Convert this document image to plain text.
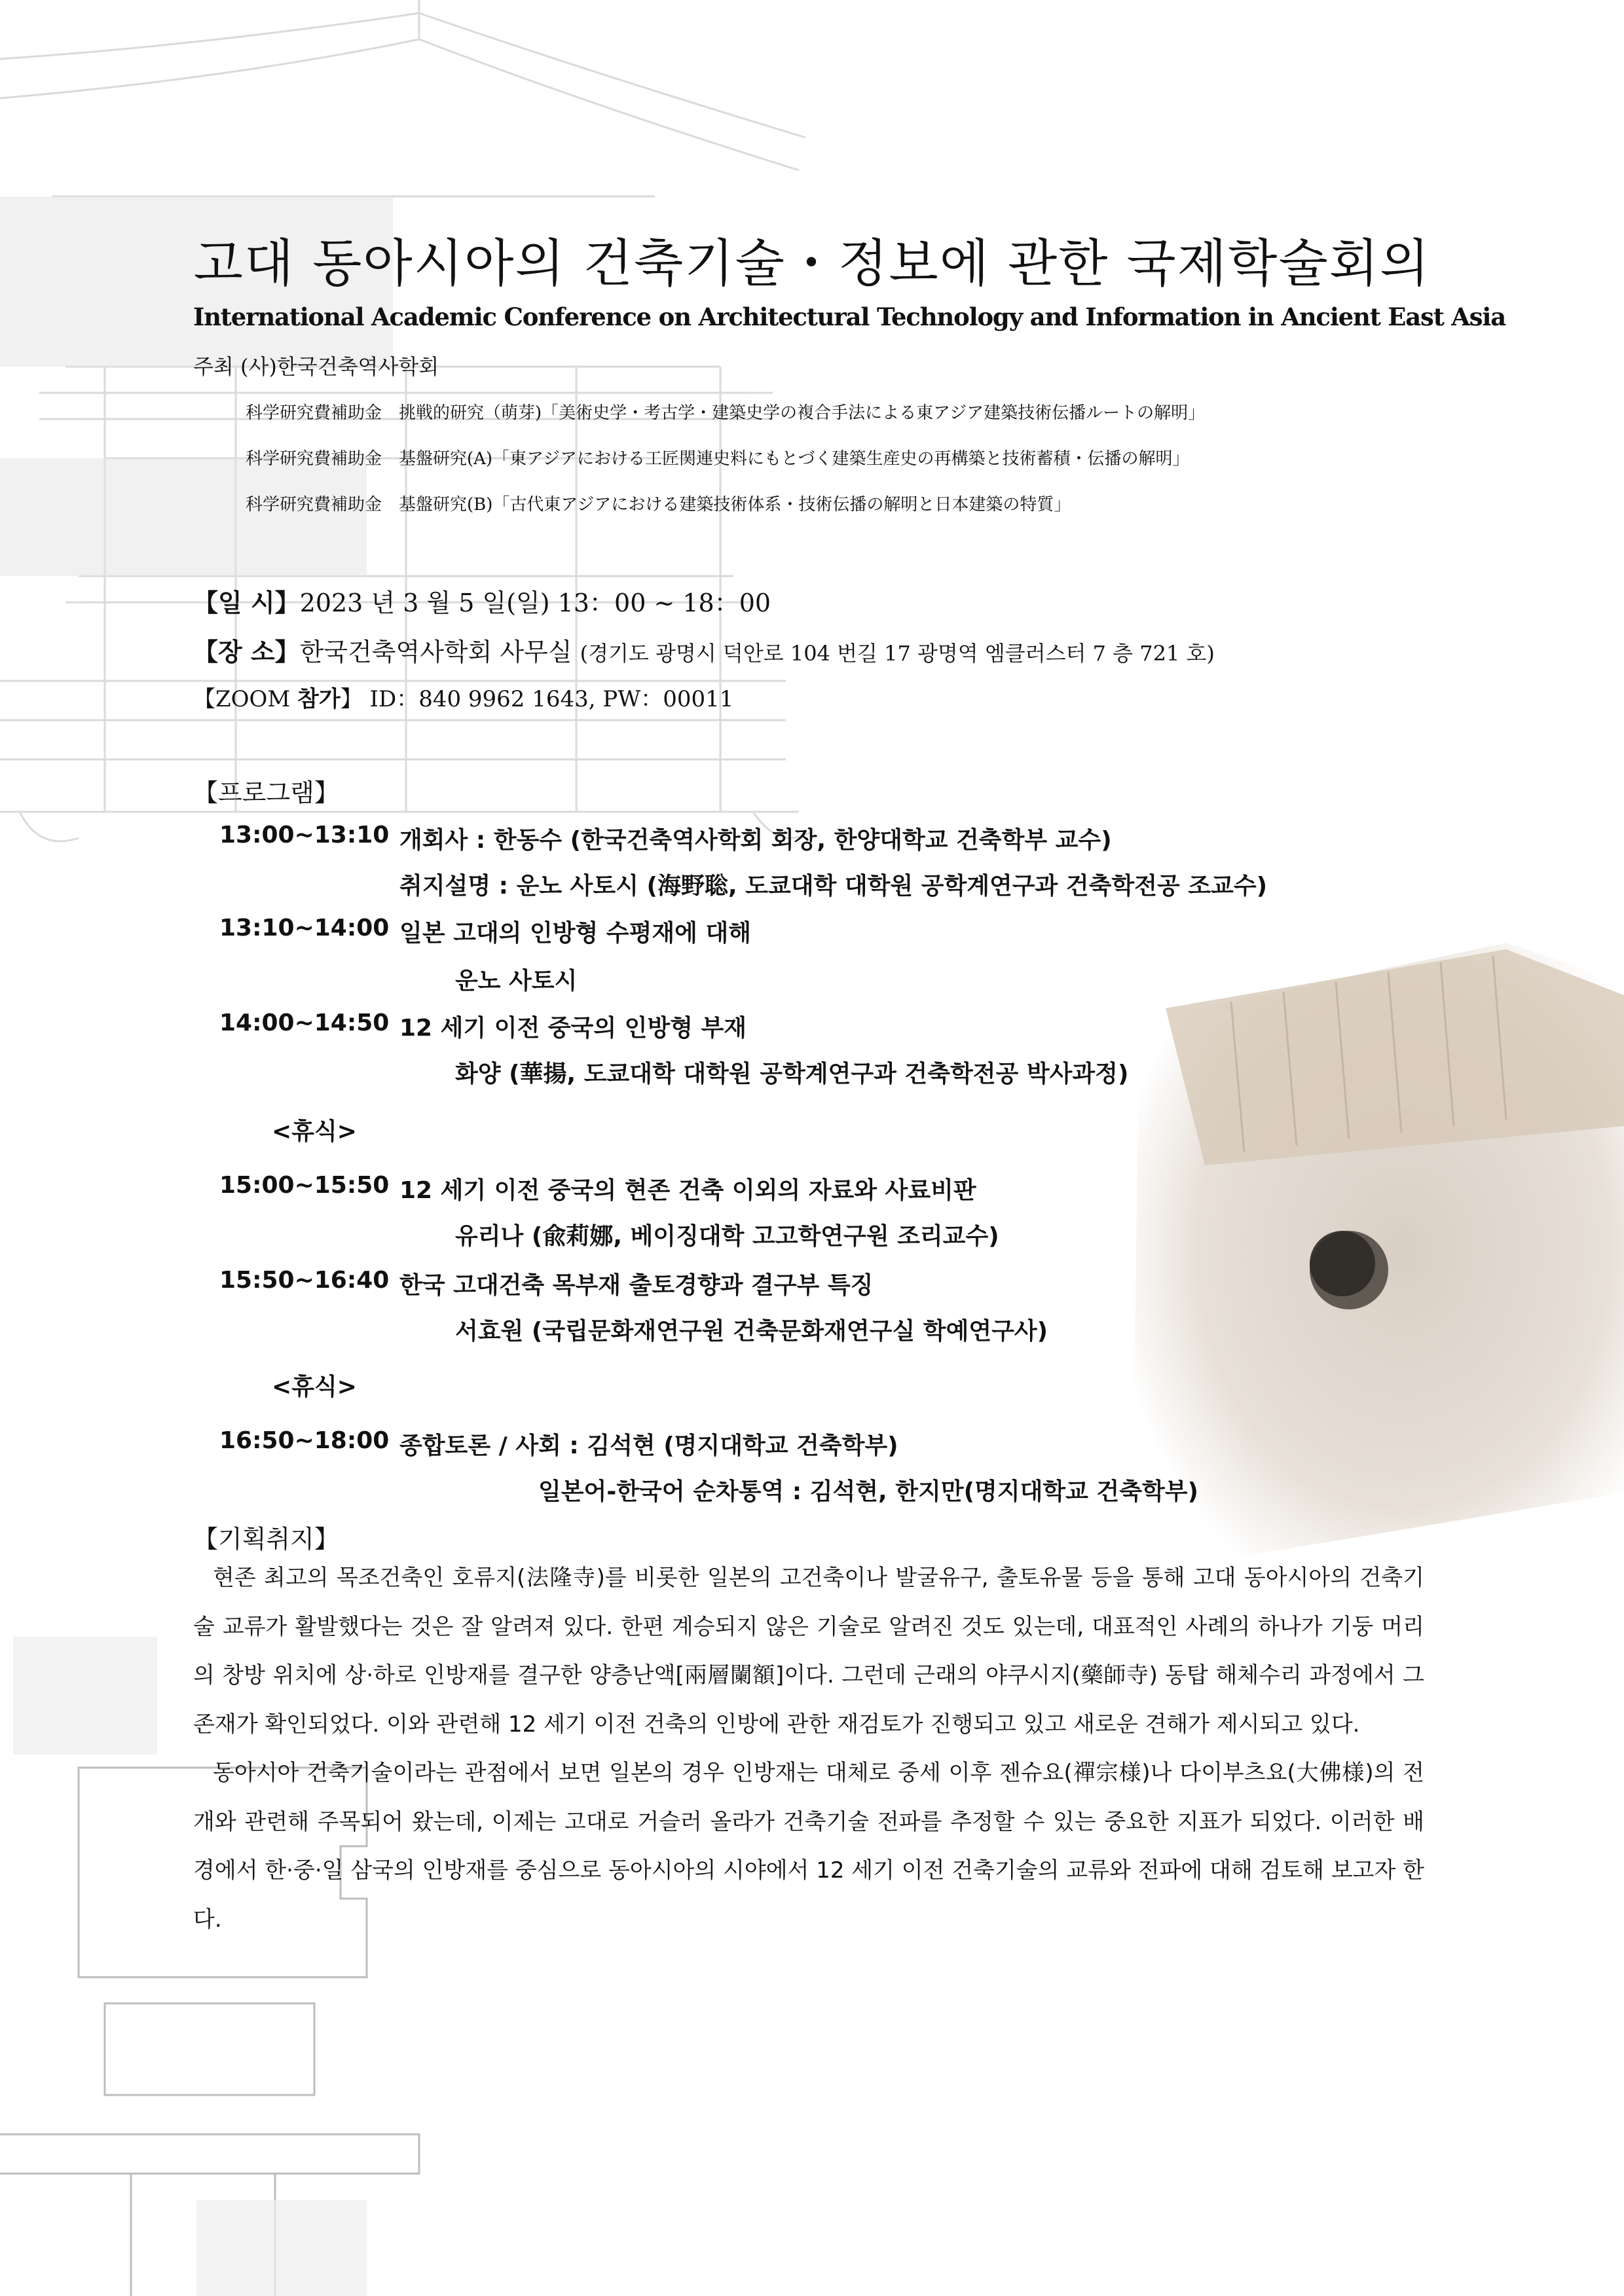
고대 동아시아의 건축기술・정보에 관한 국제학술회의
International Academic Conference on Architectural Technology and Information in Ancient East Asia
주최 (사)한국건축역사학회
科学研究費補助金　挑戦的研究（萌芽)「美術史学・考古学・建築史学の複合手法による東アジア建築技術伝播ルートの解明」
科学研究費補助金　基盤研究(A)「東アジアにおける工匠関連史料にもとづく建築生産史の再構築と技術蓄積・伝播の解明」
科学研究費補助金　基盤研究(B)「古代東アジアにおける建築技術体系・技術伝播の解明と日本建築の特質」
【일 시】2023 년 3 월 5 일(일) 13：00 ~ 18：00
【장 소】한국건축역사학회 사무실 (경기도 광명시 덕안로 104 번길 17 광명역 엠클러스터 7 층 721 호)
【ZOOM 참가】 ID：840 9962 1643, PW：00011
【프로그램】
13:00~13:10 개회사 : 한동수 (한국건축역사학회 회장, 한양대학교 건축학부 교수)
취지설명 : 운노 사토시 (海野聡, 도쿄대학 대학원 공학계연구과 건축학전공 조교수)
13:10~14:00 일본 고대의 인방형 수평재에 대해
운노 사토시
14:00~14:50 12 세기 이전 중국의 인방형 부재
화양 (華揚, 도쿄대학 대학원 공학계연구과 건축학전공 박사과정)
<휴식>
15:00~15:50 12 세기 이전 중국의 현존 건축 이외의 자료와 사료비판
유리나 (兪莉娜, 베이징대학 고고학연구원 조리교수)
15:50~16:40 한국 고대건축 목부재 출토경향과 결구부 특징
서효원 (국립문화재연구원 건축문화재연구실 학예연구사)
<휴식>
16:50~18:00 종합토론 / 사회 : 김석현 (명지대학교 건축학부)
일본어-한국어 순차통역 : 김석현, 한지만(명지대학교 건축학부)
【기획취지】

현존 최고의 목조건축인 호류지(法隆寺)를 비롯한 일본의 고건축이나 발굴유구, 출토유물 등을 통해 고대 동아시아의 건축기술 교류가 활발했다는 것은 잘 알려져 있다. 한편 계승되지 않은 기술로 알려진 것도 있는데, 대표적인 사례의 하나가 기둥 머리의 창방 위치에 상·하로 인방재를 결구한 양층난액[兩層闌額]이다. 그런데 근래의 야쿠시지(藥師寺) 동탑 해체수리 과정에서 그 존재가 확인되었다. 이와 관련해 12 세기 이전 건축의 인방에 관한 재검토가 진행되고 있고 새로운 견해가 제시되고 있다.

동아시아 건축기술이라는 관점에서 보면 일본의 경우 인방재는 대체로 중세 이후 젠슈요(禪宗様)나 다이부츠요(大佛様)의 전개와 관련해 주목되어 왔는데, 이제는 고대로 거슬러 올라가 건축기술 전파를 추정할 수 있는 중요한 지표가 되었다. 이러한 배경에서 한·중·일 삼국의 인방재를 중심으로 동아시아의 시야에서 12 세기 이전 건축기술의 교류와 전파에 대해 검토해 보고자 한다.
